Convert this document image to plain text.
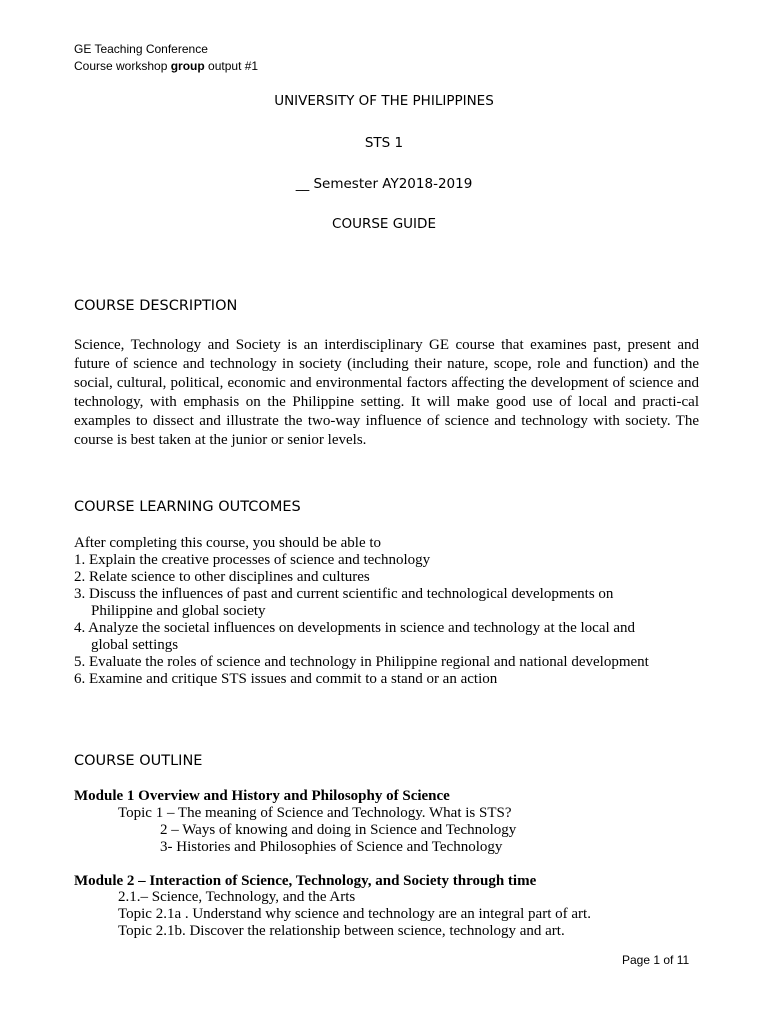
GE Teaching Conference
Course workshop group output #1
UNIVERSITY OF THE PHILIPPINES
STS 1
__ Semester AY2018-2019
COURSE GUIDE
COURSE DESCRIPTION

Science, Technology and Society is an interdisciplinary GE course that examines past, present and future of science and technology in society (including their nature, scope, role and function) and the social, cultural, political, economic and environmental factors affecting the development of science and technology, with emphasis on the Philippine setting. It will make good use of local and practi-cal examples to dissect and illustrate the two-way influence of science and technology with society. The course is best taken at the junior or senior levels.

COURSE LEARNING OUTCOMES

After completing this course, you should be able to

1. Explain the creative processes of science and technology

2. Relate science to other disciplines and cultures

3. Discuss the influences of past and current scientific and technological developments on

Philippine and global society

4. Analyze the societal influences on developments in science and technology at the local and

global settings

5. Evaluate the roles of science and technology in Philippine regional and national development

6. Examine and critique STS issues and commit to a stand or an action

COURSE OUTLINE

Module 1 Overview and History and Philosophy of Science

Topic 1 – The meaning of Science and Technology. What is STS?

2 – Ways of knowing and doing in Science and Technology

3- Histories and Philosophies of Science and Technology

Module 2 – Interaction of Science, Technology, and Society through time

2.1.– Science, Technology, and the Arts

Topic 2.1a . Understand why science and technology are an integral part of art.

Topic 2.1b. Discover the relationship between science, technology and art.

Page 1 of 11
